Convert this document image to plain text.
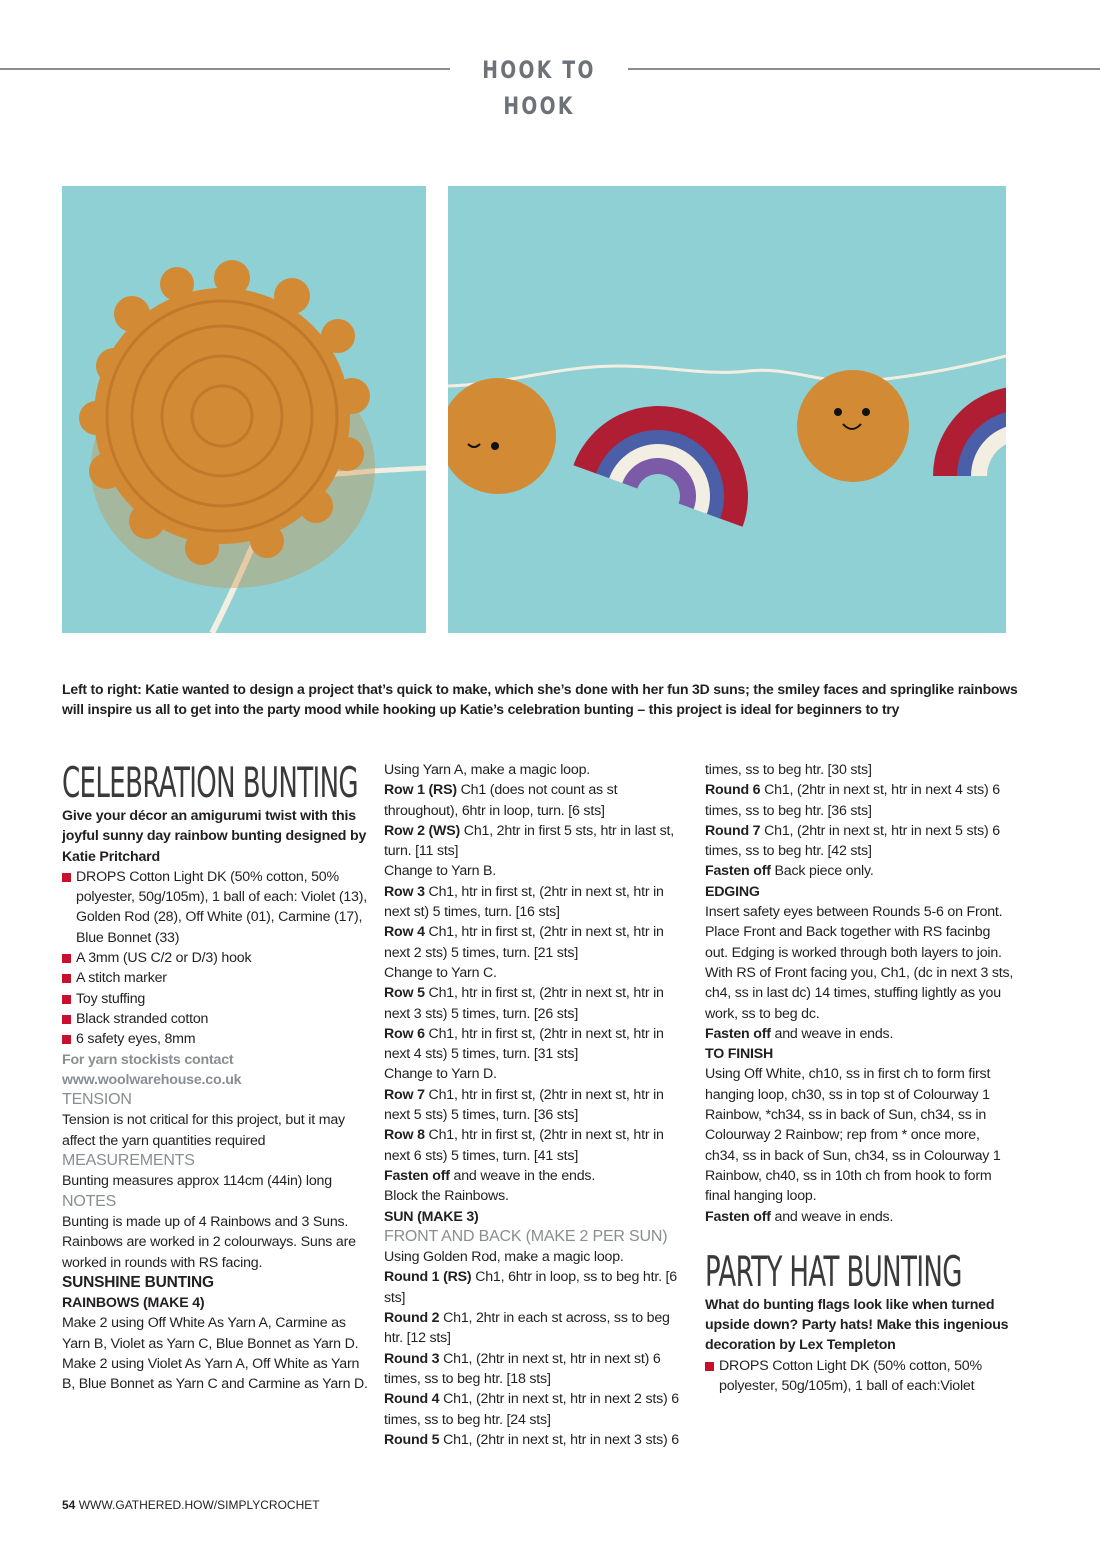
HOOK TO HOOK
Left to right: Katie wanted to design a project that’s quick to make, which she’s done with her fun 3D suns; the smiley faces and springlike rainbows will inspire us all to get into the party mood while hooking up Katie’s celebration bunting – this project is ideal for beginners to try

CELEBRATION BUNTING

Give your décor an amigurumi twist with this joyful sunny day rainbow bunting designed by Katie Pritchard

DROPS Cotton Light DK (50% cotton, 50% polyester, 50g/105m), 1 ball of each: Violet (13), Golden Rod (28), Off White (01), Carmine (17), Blue Bonnet (33)
A 3mm (US C/2 or D/3) hook
A stitch marker
Toy stuffing
Black stranded cotton
6 safety eyes, 8mm

For yarn stockists contact

www.woolwarehouse.co.uk

TENSION

Tension is not critical for this project, but it may affect the yarn quantities required

MEASUREMENTS

Bunting measures approx 114cm (44in) long

NOTES

Bunting is made up of 4 Rainbows and 3 Suns. Rainbows are worked in 2 colourways. Suns are worked in rounds with RS facing.

SUNSHINE BUNTING

RAINBOWS (MAKE 4)

Make 2 using Off White As Yarn A, Carmine as Yarn B, Violet as Yarn C, Blue Bonnet as Yarn D. Make 2 using Violet As Yarn A, Off White as Yarn B, Blue Bonnet as Yarn C and Carmine as Yarn D.

Using Yarn A, make a magic loop.

Row 1 (RS) Ch1 (does not count as st throughout), 6htr in loop, turn. [6 sts]

Row 2 (WS) Ch1, 2htr in first 5 sts, htr in last st, turn. [11 sts]

Change to Yarn B.

Row 3 Ch1, htr in first st, (2htr in next st, htr in next st) 5 times, turn. [16 sts]

Row 4 Ch1, htr in first st, (2htr in next st, htr in next 2 sts) 5 times, turn. [21 sts]

Change to Yarn C.

Row 5 Ch1, htr in first st, (2htr in next st, htr in next 3 sts) 5 times, turn. [26 sts]

Row 6 Ch1, htr in first st, (2htr in next st, htr in next 4 sts) 5 times, turn. [31 sts]

Change to Yarn D.

Row 7 Ch1, htr in first st, (2htr in next st, htr in next 5 sts) 5 times, turn. [36 sts]

Row 8 Ch1, htr in first st, (2htr in next st, htr in next 6 sts) 5 times, turn. [41 sts]

Fasten off and weave in the ends.

Block the Rainbows.

SUN (MAKE 3)

FRONT AND BACK (MAKE 2 PER SUN)

Using Golden Rod, make a magic loop.

Round 1 (RS) Ch1, 6htr in loop, ss to beg htr. [6 sts]

Round 2 Ch1, 2htr in each st across, ss to beg htr. [12 sts]

Round 3 Ch1, (2htr in next st, htr in next st) 6 times, ss to beg htr. [18 sts]

Round 4 Ch1, (2htr in next st, htr in next 2 sts) 6 times, ss to beg htr. [24 sts]

Round 5 Ch1, (2htr in next st, htr in next 3 sts) 6

times, ss to beg htr. [30 sts]

Round 6 Ch1, (2htr in next st, htr in next 4 sts) 6 times, ss to beg htr. [36 sts]

Round 7 Ch1, (2htr in next st, htr in next 5 sts) 6 times, ss to beg htr. [42 sts]

Fasten off Back piece only.

EDGING

Insert safety eyes between Rounds 5-6 on Front. Place Front and Back together with RS facinbg out. Edging is worked through both layers to join.

With RS of Front facing you, Ch1, (dc in next 3 sts, ch4, ss in last dc) 14 times, stuffing lightly as you work, ss to beg dc.

Fasten off and weave in ends.

TO FINISH

Using Off White, ch10, ss in first ch to form first hanging loop, ch30, ss in top st of Colourway 1 Rainbow, *ch34, ss in back of Sun, ch34, ss in Colourway 2 Rainbow; rep from * once more, ch34, ss in back of Sun, ch34, ss in Colourway 1 Rainbow, ch40, ss in 10th ch from hook to form final hanging loop.

Fasten off and weave in ends.

PARTY HAT BUNTING

What do bunting flags look like when turned upside down? Party hats! Make this ingenious decoration by Lex Templeton

DROPS Cotton Light DK (50% cotton, 50% polyester, 50g/105m), 1 ball of each:Violet
54 WWW.GATHERED.HOW/SIMPLYCROCHET
